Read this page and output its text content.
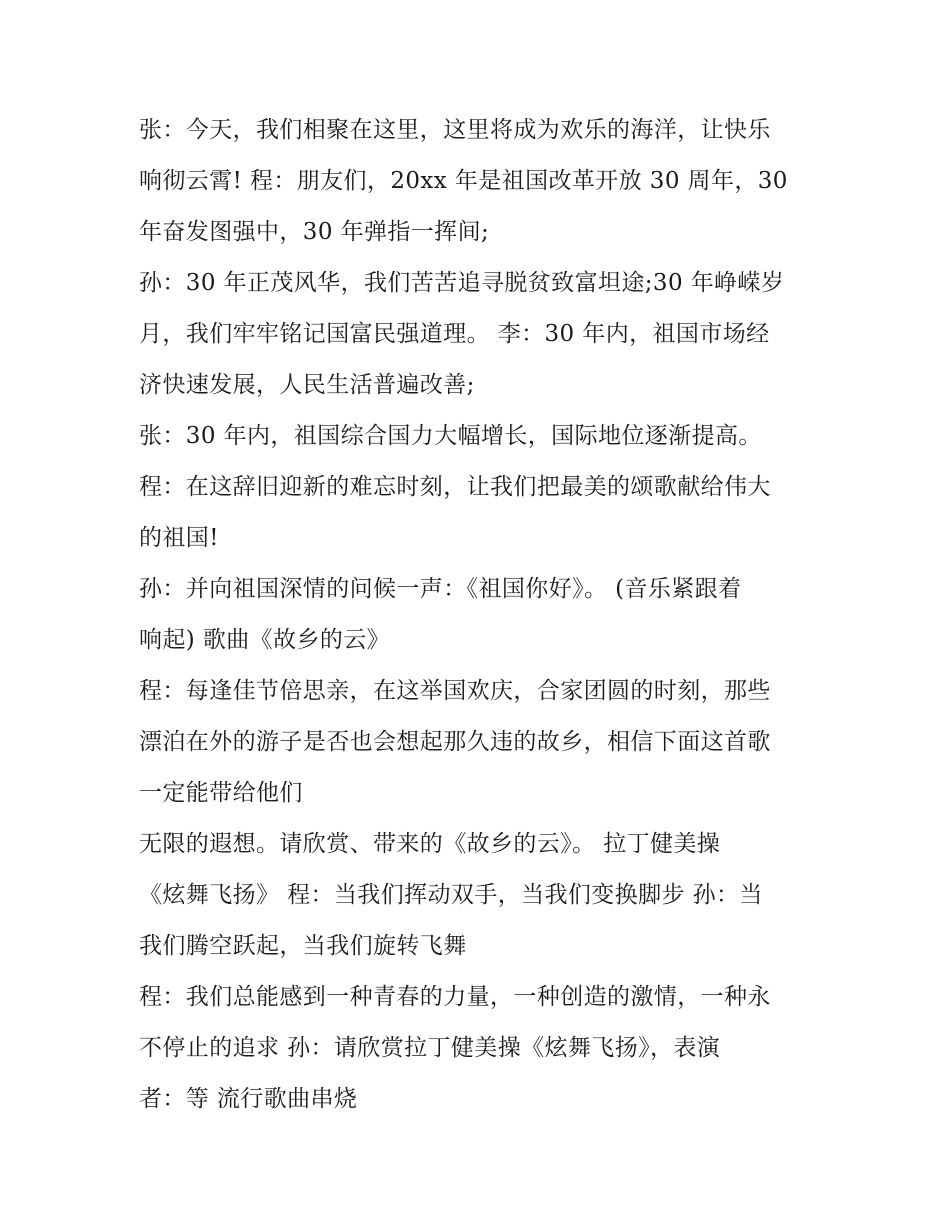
张：今天，我们相聚在这里，这里将成为欢乐的海洋，让快乐
响彻云霄! 程：朋友们，20xx 年是祖国改革开放 30 周年，30
年奋发图强中，30 年弹指一挥间;
孙：30 年正茂风华，我们苦苦追寻脱贫致富坦途;30 年峥嵘岁
月，我们牢牢铭记国富民强道理。 李：30 年内，祖国市场经
济快速发展，人民生活普遍改善;
张：30 年内，祖国综合国力大幅增长，国际地位逐渐提高。
程：在这辞旧迎新的难忘时刻，让我们把最美的颂歌献给伟大
的祖国!
孙：并向祖国深情的问候一声：《祖国你好》。 (音乐紧跟着
响起) 歌曲《故乡的云》
程：每逢佳节倍思亲，在这举国欢庆，合家团圆的时刻，那些
漂泊在外的游子是否也会想起那久违的故乡，相信下面这首歌
一定能带给他们
无限的遐想。请欣赏、带来的《故乡的云》。 拉丁健美操
《炫舞飞扬》 程：当我们挥动双手，当我们变换脚步 孙：当
我们腾空跃起，当我们旋转飞舞
程：我们总能感到一种青春的力量，一种创造的激情，一种永
不停止的追求 孙：请欣赏拉丁健美操《炫舞飞扬》，表演
者：等 流行歌曲串烧
